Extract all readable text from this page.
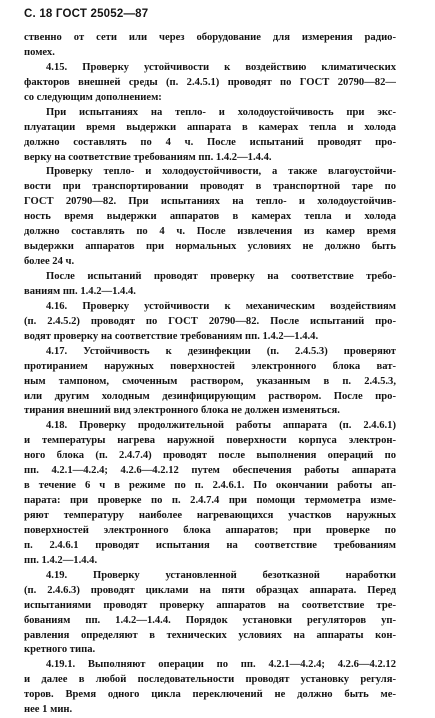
С. 18 ГОСТ 25052—87
ственно от сети или через оборудование для измерения радио-
помех.
4.15. Проверку устойчивости к воздействию климатических
факторов внешней среды (п. 2.4.5.1) проводят по ГОСТ 20790—82—
со следующим дополнением:
При испытаниях на тепло- и холодоустойчивость при экс-
плуатации время выдержки аппарата в камерах тепла и холода
должно составлять по 4 ч. После испытаний проводят про-
верку на соответствие требованиям пп. 1.4.2—1.4.4.
Проверку тепло- и холодоустойчивости, а также влагоустойчи-
вости при транспортировании проводят в транспортной таре по
ГОСТ 20790—82. При испытаниях на тепло- и холодоустойчив-
ность время выдержки аппаратов в камерах тепла и холода
должно составлять по 4 ч. После извлечения из камер время
выдержки аппаратов при нормальных условиях не должно быть
более 24 ч.
После испытаний проводят проверку на соответствие требо-
ваниям пп. 1.4.2—1.4.4.
4.16. Проверку устойчивости к механическим воздействиям
(п. 2.4.5.2) проводят по ГОСТ 20790—82. После испытаний про-
водят проверку на соответствие требованиям пп. 1.4.2—1.4.4.
4.17. Устойчивость к дезинфекции (п. 2.4.5.3) проверяют
протиранием наружных поверхностей электронного блока ват-
ным тампоном, смоченным раствором, указанным в п. 2.4.5.3,
или другим холодным дезинфицирующим раствором. После про-
тирания внешний вид электронного блока не должен изменяться.
4.18. Проверку продолжительной работы аппарата (п. 2.4.6.1)
и температуры нагрева наружной поверхности корпуса электрон-
ного блока (п. 2.4.7.4) проводят после выполнения операций по
пп. 4.2.1—4.2.4; 4.2.6—4.2.12 путем обеспечения работы аппарата
в течение 6 ч в режиме по п. 2.4.6.1. По окончании работы ап-
парата: при проверке по п. 2.4.7.4 при помощи термометра изме-
ряют температуру наиболее нагревающихся участков наружных
поверхностей электронного блока аппаратов; при проверке по
п. 2.4.6.1 проводят испытания на соответствие требованиям
пп. 1.4.2—1.4.4.
4.19. Проверку установленной безотказной наработки
(п. 2.4.6.3) проводят циклами на пяти образцах аппарата. Перед
испытаниями проводят проверку аппаратов на соответствие тре-
бованиям пп. 1.4.2—1.4.4. Порядок установки регуляторов уп-
равления определяют в технических условиях на аппараты кон-
кретного типа.
4.19.1. Выполняют операции по пп. 4.2.1—4.2.4; 4.2.6—4.2.12
и далее в любой последовательности проводят установку регуля-
торов. Время одного цикла переключений не должно быть ме-
нее 1 мин.
